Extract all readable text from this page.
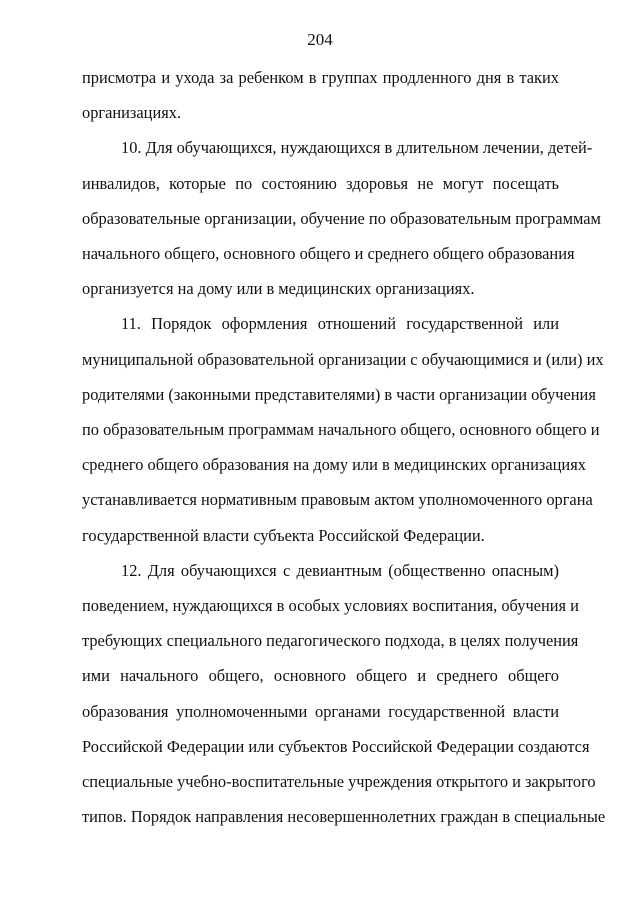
204
присмотра и ухода за ребенком в группах продленного дня в таких
организациях.
10. Для обучающихся, нуждающихся в длительном лечении, детей-
инвалидов, которые по состоянию здоровья не могут посещать
образовательные организации, обучение по образовательным программам
начального общего, основного общего и среднего общего образования
организуется на дому или в медицинских организациях.
11. Порядок оформления отношений государственной или
муниципальной образовательной организации с обучающимися и (или) их
родителями (законными представителями) в части организации обучения
по образовательным программам начального общего, основного общего и
среднего общего образования на дому или в медицинских организациях
устанавливается нормативным правовым актом уполномоченного органа
государственной власти субъекта Российской Федерации.
12. Для обучающихся с девиантным (общественно опасным)
поведением, нуждающихся в особых условиях воспитания, обучения и
требующих специального педагогического подхода, в целях получения
ими начального общего, основного общего и среднего общего
образования уполномоченными органами государственной власти
Российской Федерации или субъектов Российской Федерации создаются
специальные учебно-воспитательные учреждения открытого и закрытого
типов. Порядок направления несовершеннолетних граждан в специальные
